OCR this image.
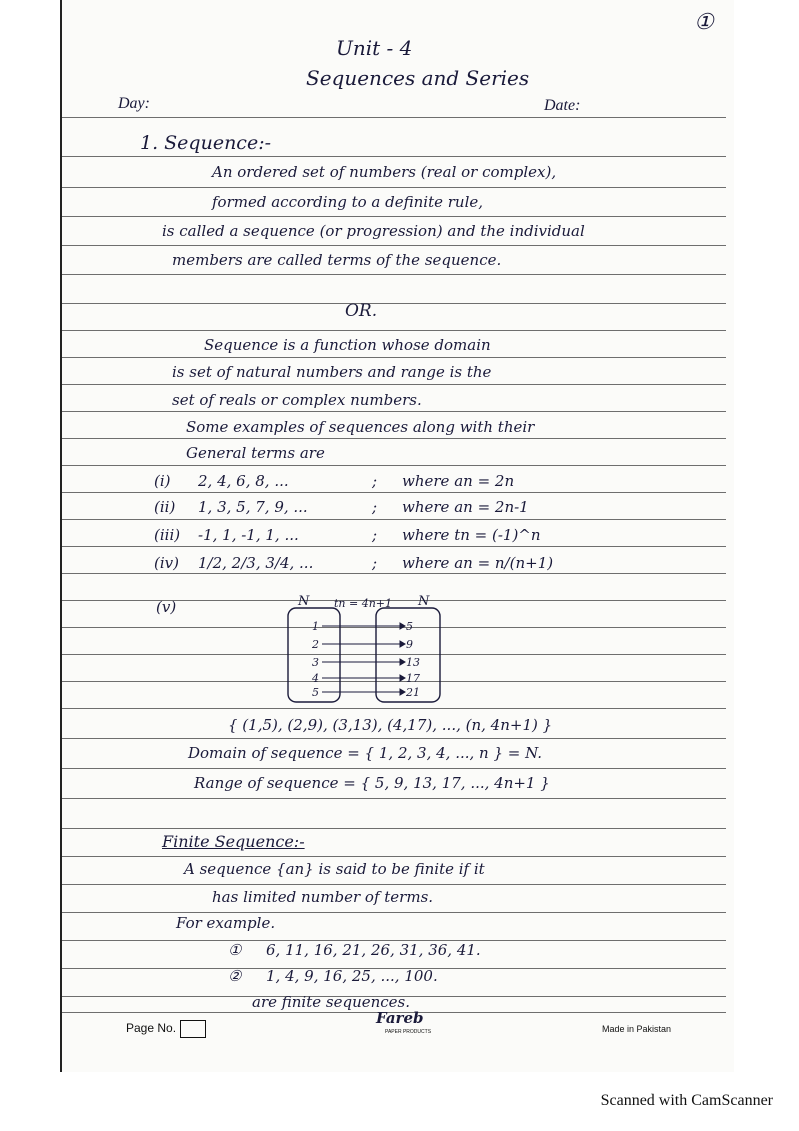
①
Unit - 4
Sequences and Series
Day:	Date:
1. Sequence:-
An ordered set of numbers (real or complex),
formed according to a definite rule,
is called a sequence (or progression) and the individual
members are called terms of the sequence.
OR.
Sequence is a function whose domain
is set of natural numbers and range is the
set of reals or complex numbers.
Some examples of sequences along with their
General terms are
(i) 2, 4, 6, 8, ...	; where an = 2n
(ii) 1, 3, 5, 7, 9, ...	; where an = 2n-1
(iii) -1, 1, -1, 1, ...	; where tn = (-1)^n
(iv) 1/2, 2/3, 3/4, ...	; where an = n/(n+1)
(v)	N tn = 4n+1 N
1
2
3
4
5
5
9
13
17
21
{ (1,5), (2,9), (3,13), (4,17), ..., (n, 4n+1) }
Domain of sequence = { 1, 2, 3, 4, ..., n } = N.
Range of sequence = { 5, 9, 13, 17, ..., 4n+1 }
Finite Sequence:-
A sequence {an} is said to be finite if it
has limited number of terms.
For example.
① 6, 11, 16, 21, 26, 31, 36, 41.
② 1, 4, 9, 16, 25, ..., 100.
are finite sequences.
Page No.
Fareb
PAPER PRODUCTS	Made in Pakistan
Scanned with CamScanner
